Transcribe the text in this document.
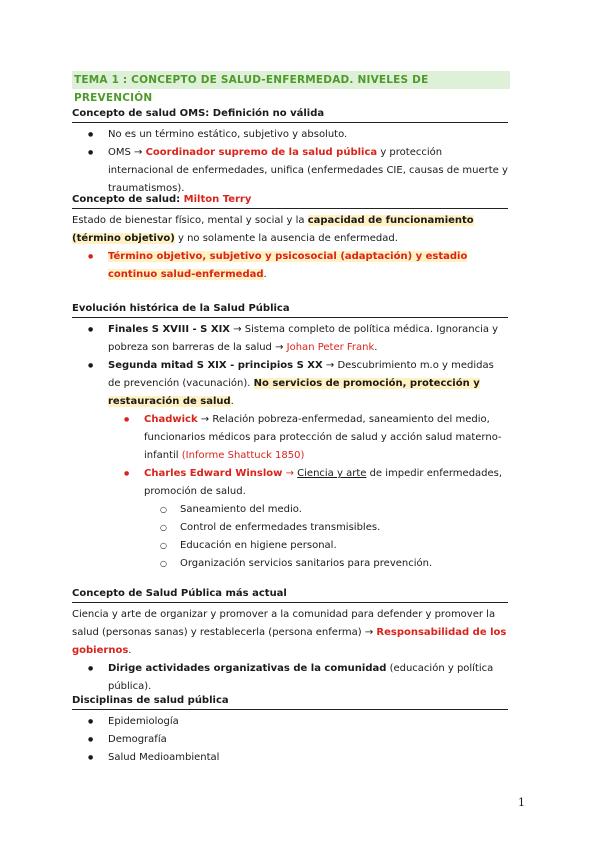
TEMA 1 : CONCEPTO DE SALUD-ENFERMEDAD. NIVELES DE PREVENCIÓN
Concepto de salud OMS: Definición no válida
● No es un término estático, subjetivo y absoluto.
● OMS → Coordinador supremo de la salud pública y protección internacional de enfermedades, unifica (enfermedades CIE, causas de muerte y traumatismos).
Concepto de salud: Milton Terry
Estado de bienestar físico, mental y social y la capacidad de funcionamiento (término objetivo) y no solamente la ausencia de enfermedad.
● Término objetivo, subjetivo y psicosocial (adaptación) y estadio continuo salud-enfermedad.
Evolución histórica de la Salud Pública
● Finales S XVIII - S XIX → Sistema completo de política médica. Ignorancia y pobreza son barreras de la salud → Johan Peter Frank.
● Segunda mitad S XIX - principios S XX → Descubrimiento m.o y medidas de prevención (vacunación). No servicios de promoción, protección y restauración de salud.
● Chadwick → Relación pobreza-enfermedad, saneamiento del medio, funcionarios médicos para protección de salud y acción salud materno-infantil (Informe Shattuck 1850)
● Charles Edward Winslow → Ciencia y arte de impedir enfermedades, promoción de salud.
○ Saneamiento del medio.
○ Control de enfermedades transmisibles.
○ Educación en higiene personal.
○ Organización servicios sanitarios para prevención.
Concepto de Salud Pública más actual
Ciencia y arte de organizar y promover a la comunidad para defender y promover la salud (personas sanas) y restablecerla (persona enferma) → Responsabilidad de los gobiernos.
● Dirige actividades organizativas de la comunidad (educación y política pública).
Disciplinas de salud pública
● Epidemiología
● Demografía
● Salud Medioambiental
1
